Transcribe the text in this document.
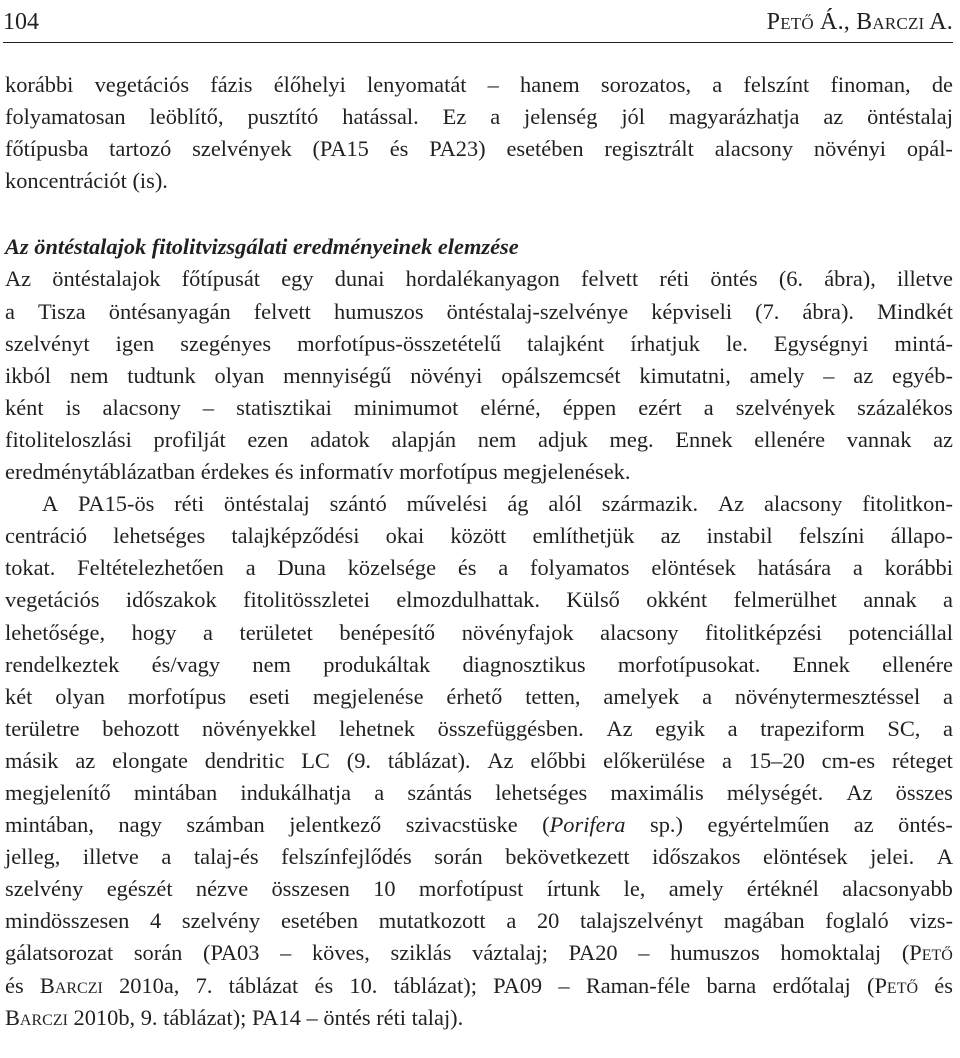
104	Pető Á., Barczi A.
korábbi vegetációs fázis élőhelyi lenyomatát – hanem sorozatos, a felszínt finoman, de
folyamatosan leöblítő, pusztító hatással. Ez a jelenség jól magyarázhatja az öntéstalaj
főtípusba tartozó szelvények (PA15 és PA23) esetében regisztrált alacsony növényi opál-
koncentrációt (is).
Az öntéstalajok fitolitvizsgálati eredményeinek elemzése
Az öntéstalajok főtípusát egy dunai hordalékanyagon felvett réti öntés (6. ábra), illetve
a Tisza öntésanyagán felvett humuszos öntéstalaj-szelvénye képviseli (7. ábra). Mindkét
szelvényt igen szegényes morfotípus-összetételű talajként írhatjuk le. Egységnyi mintá-
ikból nem tudtunk olyan mennyiségű növényi opálszemcsét kimutatni, amely – az egyéb-
ként is alacsony – statisztikai minimumot elérné, éppen ezért a szelvények százalékos
fitoliteloszlási profilját ezen adatok alapján nem adjuk meg. Ennek ellenére vannak az
eredménytáblázatban érdekes és informatív morfotípus megjelenések.
A PA15-ös réti öntéstalaj szántó művelési ág alól származik. Az alacsony fitolitkon-
centráció lehetséges talajképződési okai között említhetjük az instabil felszíni állapo-
tokat. Feltételezhetően a Duna közelsége és a folyamatos elöntések hatására a korábbi
vegetációs időszakok fitolitösszletei elmozdulhattak. Külső okként felmerülhet annak a
lehetősége, hogy a területet benépesítő növényfajok alacsony fitolitképzési potenciállal
rendelkeztek és/vagy nem produkáltak diagnosztikus morfotípusokat. Ennek ellenére
két olyan morfotípus eseti megjelenése érhető tetten, amelyek a növénytermesztéssel a
területre behozott növényekkel lehetnek összefüggésben. Az egyik a trapeziform SC, a
másik az elongate dendritic LC (9. táblázat). Az előbbi előkerülése a 15–20 cm-es réteget
megjelenítő mintában indukálhatja a szántás lehetséges maximális mélységét. Az összes
mintában, nagy számban jelentkező szivacstüske (Porifera sp.) egyértelműen az öntés-
jelleg, illetve a talaj-és felszínfejlődés során bekövetkezett időszakos elöntések jelei. A
szelvény egészét nézve összesen 10 morfotípust írtunk le, amely értéknél alacsonyabb
mindösszesen 4 szelvény esetében mutatkozott a 20 talajszelvényt magában foglaló vizs-
gálatsorozat során (PA03 – köves, sziklás váztalaj; PA20 – humuszos homoktalaj (Pető
és Barczi 2010a, 7. táblázat és 10. táblázat); PA09 – Raman-féle barna erdőtalaj (Pető és
Barczi 2010b, 9. táblázat); PA14 – öntés réti talaj).
